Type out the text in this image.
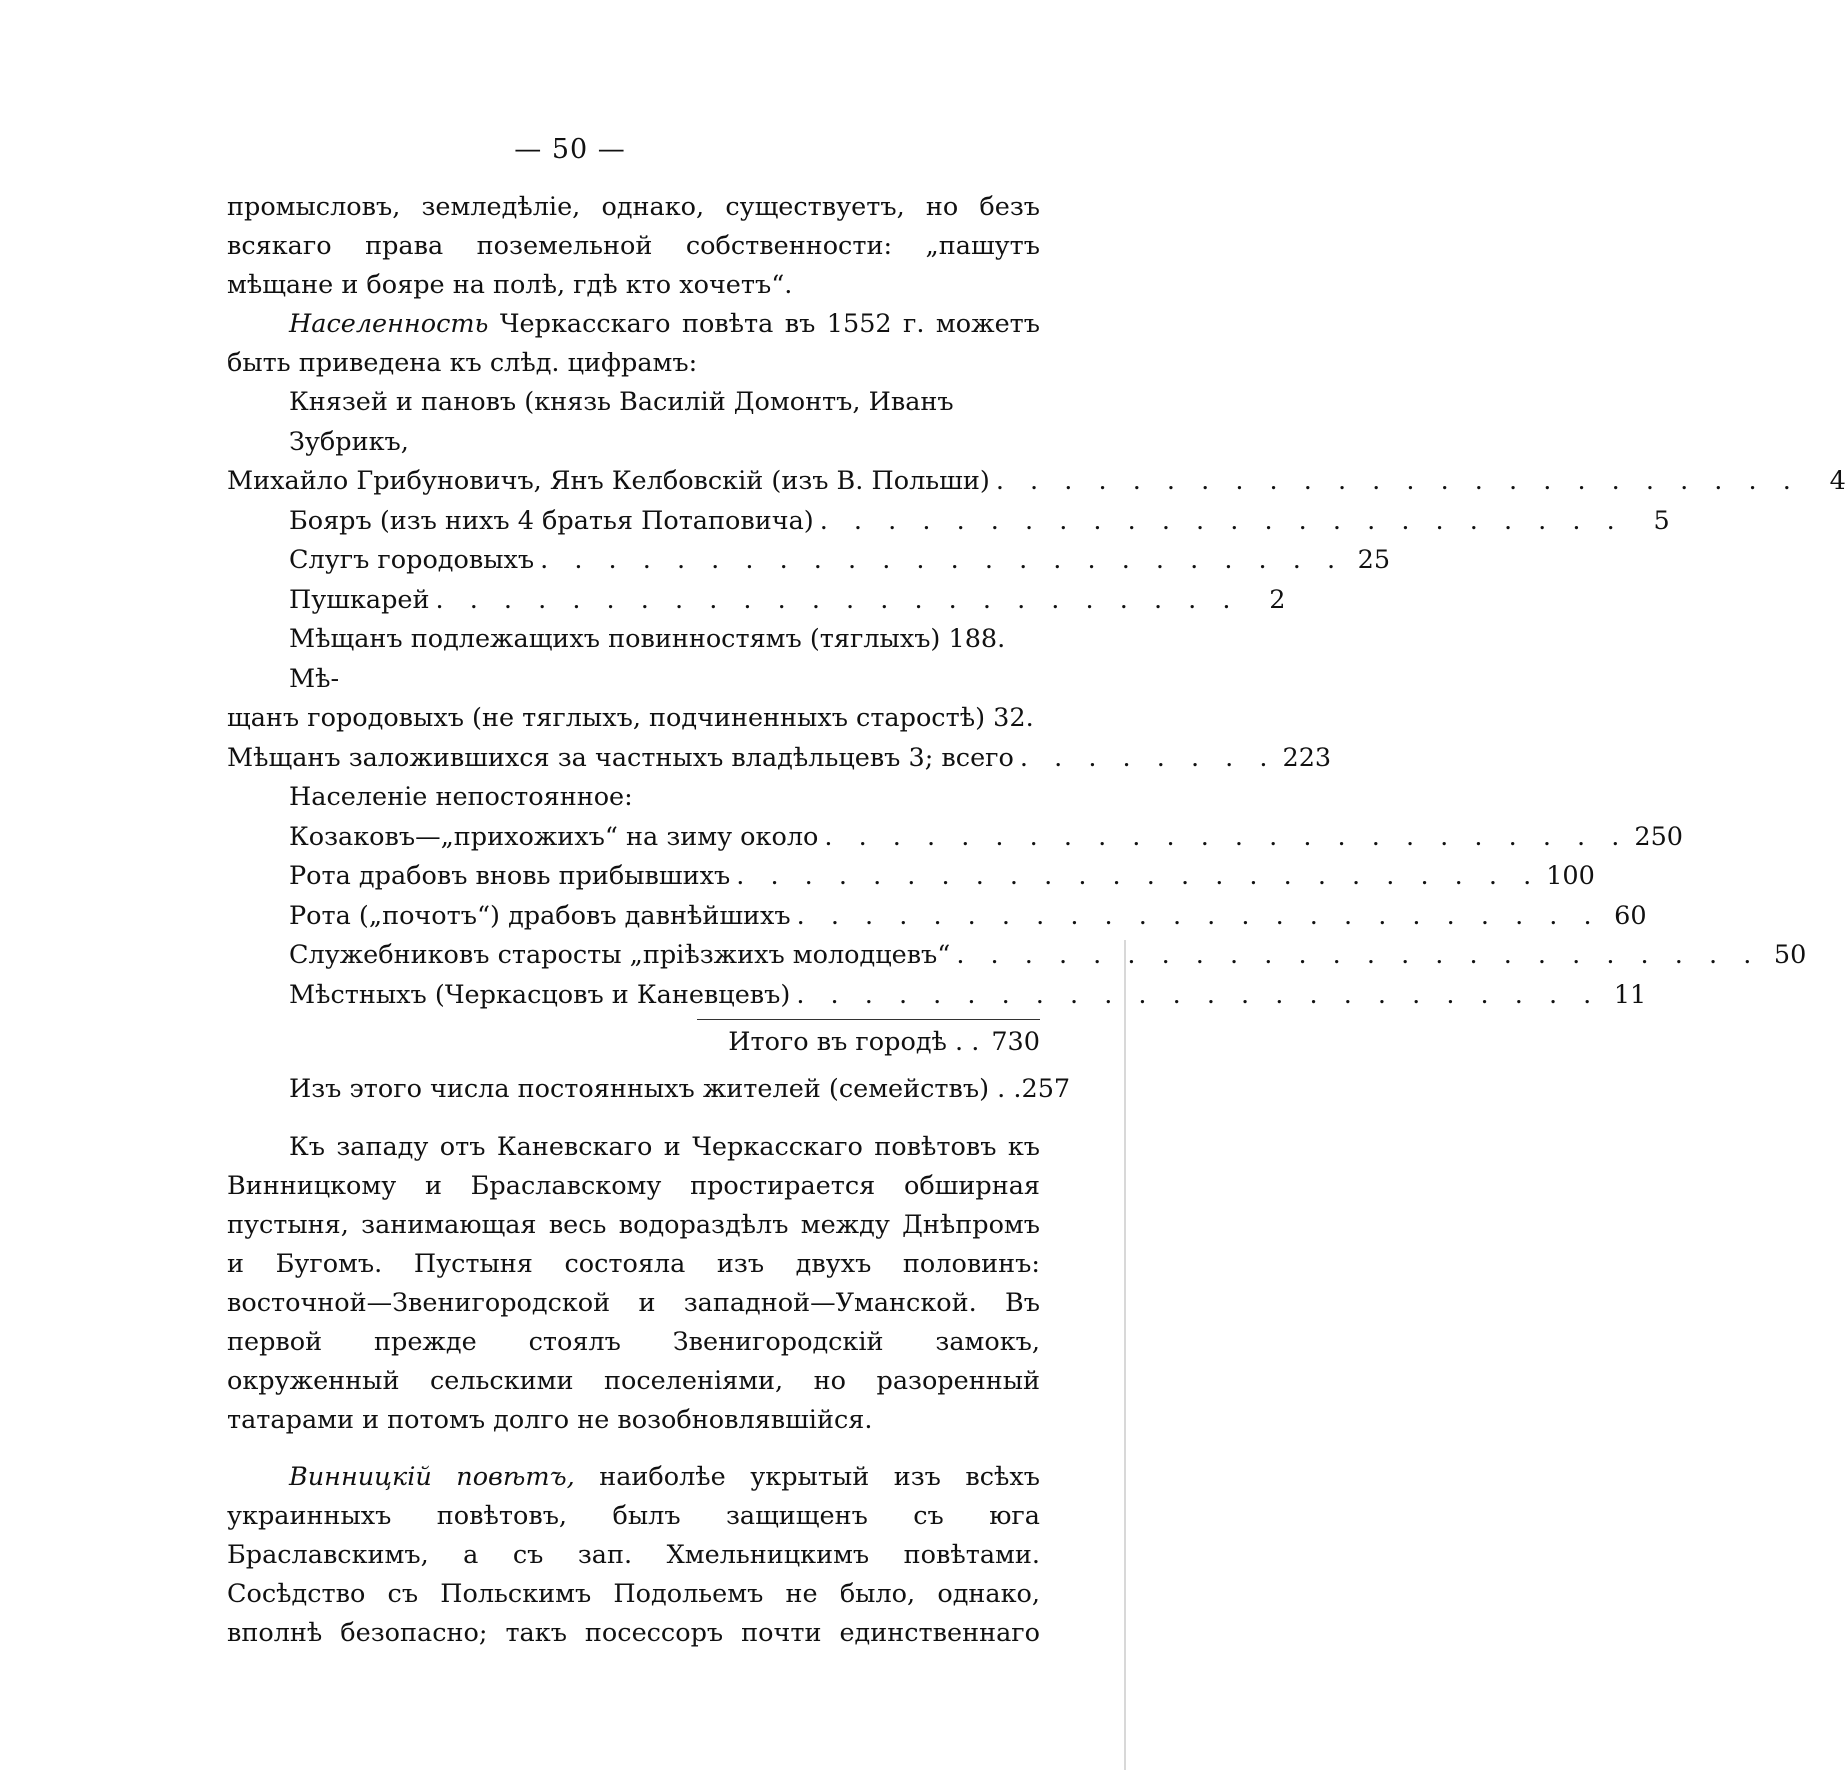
— 50 —

промысловъ, земледѣліе, однако, существуетъ, но безъ всякаго права поземельной собственности: „пашутъ мѣщане и бояре на полѣ, гдѣ кто хочетъ“.

Населенность Черкасскаго повѣта въ 1552 г. можетъ быть приведена къ слѣд. цифрамъ:

Князей и пановъ (князь Василій Домонтъ, Иванъ Зубрикъ,
Михайло Грибуновичъ, Янъ Келбовскій (изъ В. Польши) . . . . . . . . . . . . . . . . . . . . . . . .	4
Бояръ (изъ нихъ 4 братья Потаповича) . . . . . . . . . . . . . . . . . . . . . . . .	5
Слугъ городовыхъ . . . . . . . . . . . . . . . . . . . . . . . . 25
Пушкарей . . . . . . . . . . . . . . . . . . . . . . . .	2
Мѣщанъ подлежащихъ повинностямъ (тяглыхъ) 188. Мѣ-
щанъ городовыхъ (не тяглыхъ, подчиненныхъ старостѣ) 32.
Мѣщанъ заложившихся за частныхъ владѣльцевъ 3; всего . . . . . . . . 223
Населеніе непостоянное:
Козаковъ—„прихожихъ“ на зиму около . . . . . . . . . . . . . . . . . . . . . . . . 250
Рота драбовъ вновь прибывшихъ . . . . . . . . . . . . . . . . . . . . . . . . 100
Рота („почотъ“) драбовъ давнѣйшихъ . . . . . . . . . . . . . . . . . . . . . . . . 60
Служебниковъ старосты „пріѣзжихъ молодцевъ“ . . . . . . . . . . . . . . . . . . . . . . . . 50
Мѣстныхъ (Черкасцовъ и Каневцевъ) . . . . . . . . . . . . . . . . . . . . . . . . 11
Итого въ городѣ . . 730
Изъ этого числа постоянныхъ жителей (семействъ) . . 257

Къ западу отъ Каневскаго и Черкасскаго повѣтовъ къ Винницкому и Браславскому простирается обширная пустыня, занимающая весь водораздѣлъ между Днѣпромъ и Бугомъ. Пустыня состояла изъ двухъ половинъ: восточной—Звенигородской и западной—Уманской. Въ первой прежде стоялъ Звенигородскій замокъ, окруженный сельскими поселеніями, но разоренный татарами и потомъ долго не возобновлявшійся.

Винницкій повѣтъ, наиболѣе укрытый изъ всѣхъ украинныхъ повѣтовъ, былъ защищенъ съ юга Браславскимъ, а съ зап. Хмельницкимъ повѣтами. Сосѣдство съ Польскимъ Подольемъ не было, однако, вполнѣ безопасно; такъ посессоръ почти единственнаго
